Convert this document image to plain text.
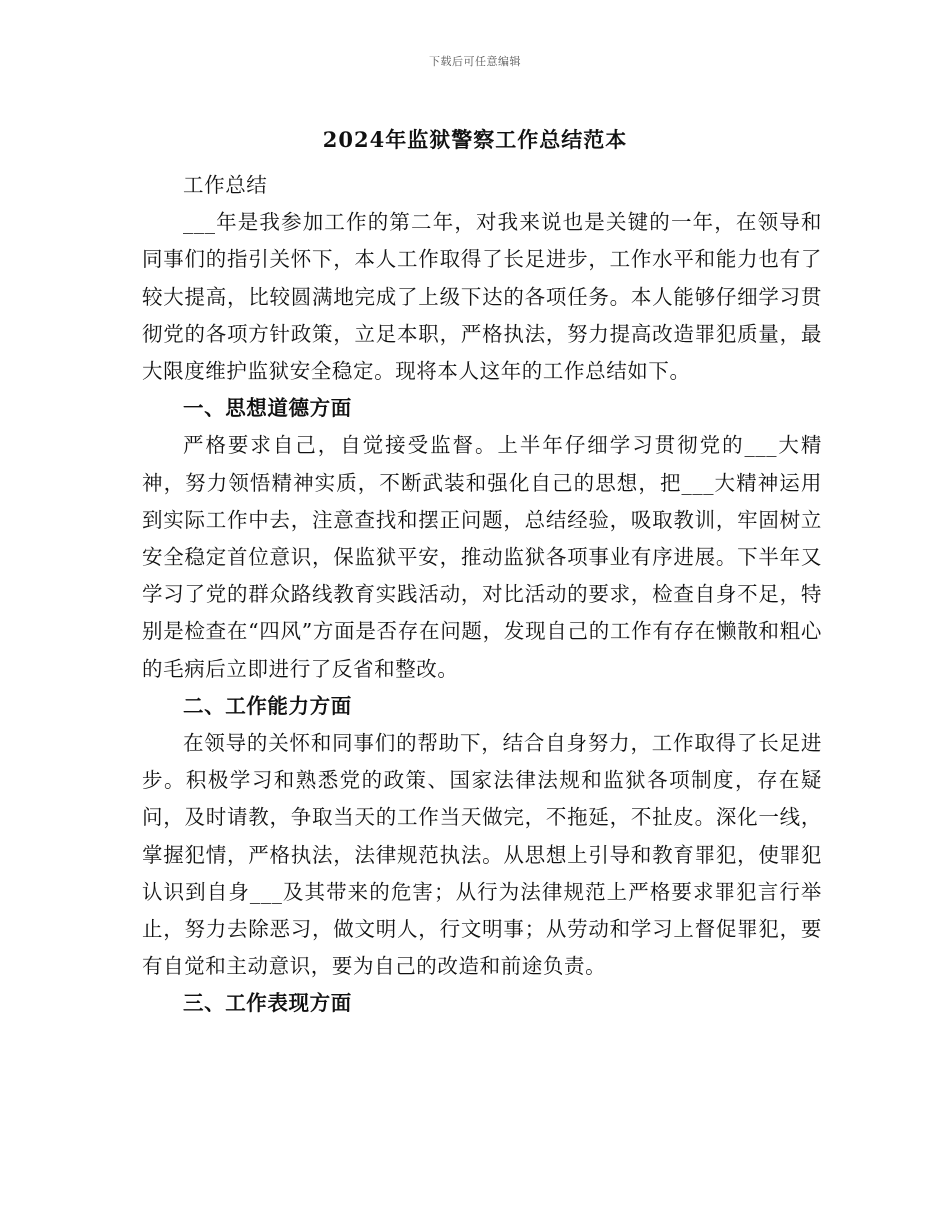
下载后可任意编辑
2024年监狱警察工作总结范本

工作总结

___年是我参加工作的第二年，对我来说也是关键的一年，在领导和同事们的指引关怀下，本人工作取得了长足进步，工作水平和能力也有了较大提高，比较圆满地完成了上级下达的各项任务。本人能够仔细学习贯彻党的各项方针政策，立足本职，严格执法，努力提高改造罪犯质量，最大限度维护监狱安全稳定。现将本人这年的工作总结如下。

一、思想道德方面

严格要求自己，自觉接受监督。上半年仔细学习贯彻党的___大精神，努力领悟精神实质，不断武装和强化自己的思想，把___大精神运用到实际工作中去，注意查找和摆正问题，总结经验，吸取教训，牢固树立安全稳定首位意识，保监狱平安，推动监狱各项事业有序进展。下半年又学习了党的群众路线教育实践活动，对比活动的要求，检查自身不足，特别是检查在“四风”方面是否存在问题，发现自己的工作有存在懒散和粗心的毛病后立即进行了反省和整改。

二、工作能力方面

在领导的关怀和同事们的帮助下，结合自身努力，工作取得了长足进步。积极学习和熟悉党的政策、国家法律法规和监狱各项制度，存在疑问，及时请教，争取当天的工作当天做完，不拖延，不扯皮。深化一线，掌握犯情，严格执法，法律规范执法。从思想上引导和教育罪犯，使罪犯认识到自身___及其带来的危害；从行为法律规范上严格要求罪犯言行举止，努力去除恶习，做文明人，行文明事；从劳动和学习上督促罪犯，要有自觉和主动意识，要为自己的改造和前途负责。

三、工作表现方面
